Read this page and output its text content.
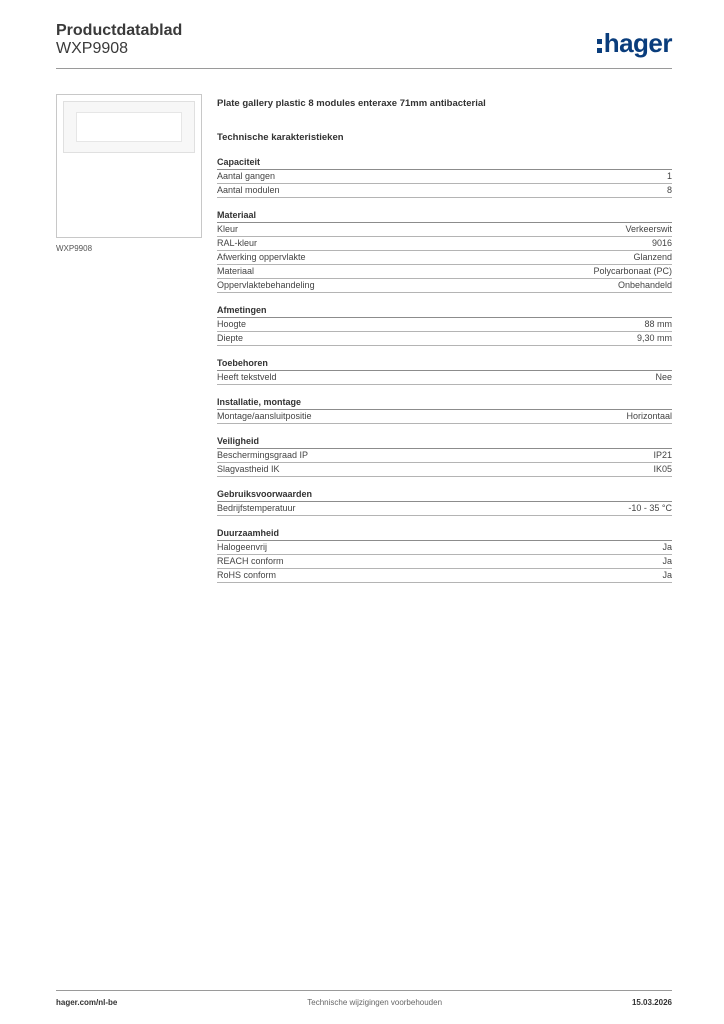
Productdatablad
WXP9908	hager
WXP9908
Plate gallery plastic 8 modules enteraxe 71mm antibacterial
Technische karakteristieken
Capaciteit
Aantal gangen	1
Aantal modulen	8
Materiaal
Kleur	Verkeerswit
RAL-kleur	9016
Afwerking oppervlakte	Glanzend
Materiaal	Polycarbonaat (PC)
Oppervlaktebehandeling	Onbehandeld
Afmetingen
Hoogte	88 mm
Diepte	9,30 mm
Toebehoren
Heeft tekstveld	Nee
Installatie, montage
Montage/aansluitpositie	Horizontaal
Veiligheid
Beschermingsgraad IP	IP21
Slagvastheid IK	IK05
Gebruiksvoorwaarden
Bedrijfstemperatuur	-10 - 35 °C
Duurzaamheid
Halogeenvrij	Ja
REACH conform	Ja
RoHS conform	Ja
hager.com/nl-be	Technische wijzigingen voorbehouden	15.03.2026
